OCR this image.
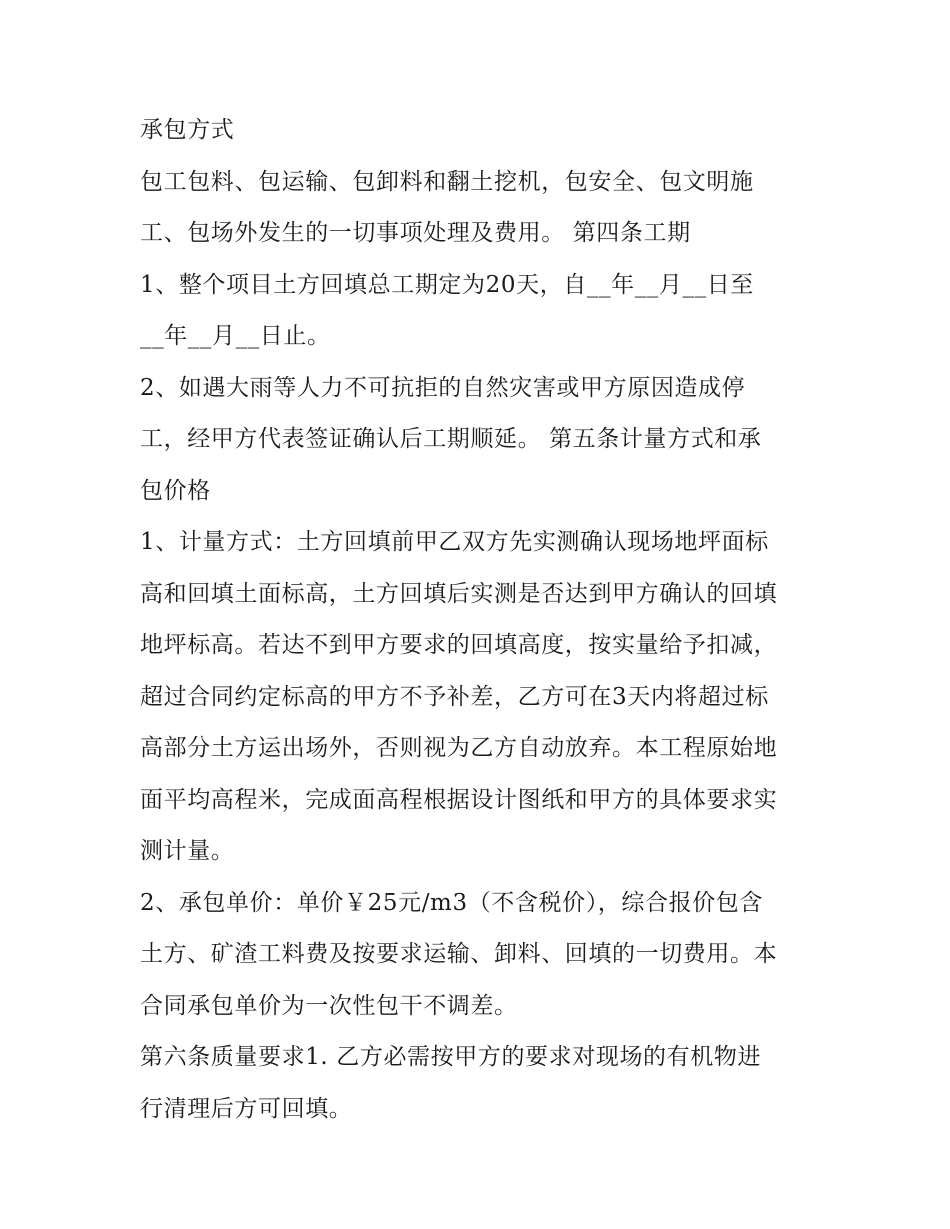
承包方式
包工包料、包运输、包卸料和翻土挖机，包安全、包文明施
工、包场外发生的一切事项处理及费用。 第四条工期
1、整个项目土方回填总工期定为20天，自__年__月__日至
__年__月__日止。
2、如遇大雨等人力不可抗拒的自然灾害或甲方原因造成停
工，经甲方代表签证确认后工期顺延。 第五条计量方式和承
包价格
1、计量方式：土方回填前甲乙双方先实测确认现场地坪面标
高和回填土面标高，土方回填后实测是否达到甲方确认的回填
地坪标高。若达不到甲方要求的回填高度，按实量给予扣减，
超过合同约定标高的甲方不予补差，乙方可在3天内将超过标
高部分土方运出场外，否则视为乙方自动放弃。本工程原始地
面平均高程米，完成面高程根据设计图纸和甲方的具体要求实
测计量。
2、承包单价：单价￥25元/m3（不含税价），综合报价包含
土方、矿渣工料费及按要求运输、卸料、回填的一切费用。本
合同承包单价为一次性包干不调差。
第六条质量要求1. 乙方必需按甲方的要求对现场的有机物进
行清理后方可回填。
